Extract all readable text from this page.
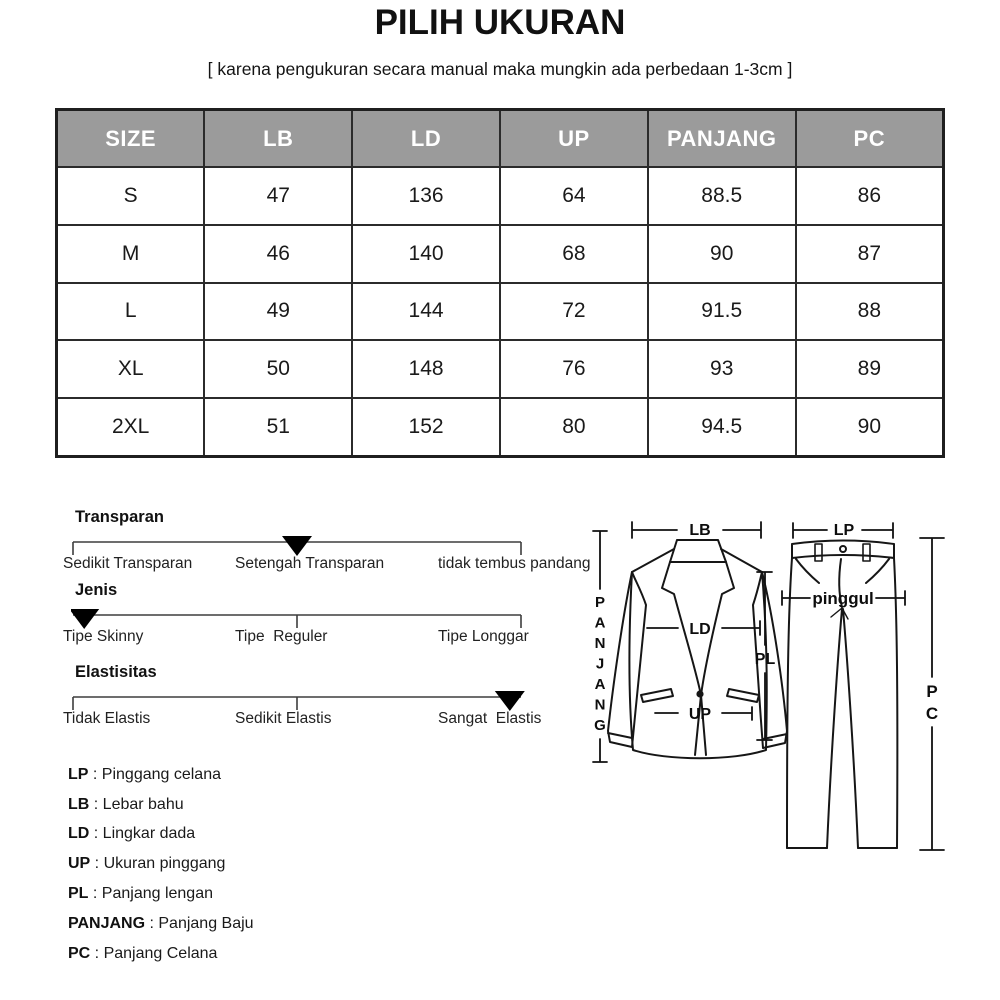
PILIH UKURAN
[ karena pengukuran secara manual maka mungkin ada perbedaan 1-3cm ]
SIZE	LB	LD	UP	PANJANG	PC
S	47	136	64	88.5	86
M	46	140	68	90	87
L	49	144	72	91.5	88
XL	50	148	76	93	89
2XL	51	152	80	94.5	90
Transparan
Sedikit Transparan	Setengah Transparan	tidak tembus pandang
Jenis
Tipe Skinny	Tipe  Reguler	Tipe Longgar
Elastisitas
Tidak Elastis	Sedikit Elastis	Sangat  Elastis
LP : Pinggang celana
LB : Lebar bahu
LD : Lingkar dada
UP : Ukuran pinggang
PL : Panjang lengan
PANJANG : Panjang Baju
PC : Panjang Celana
LB
P A N J A N G
LD
PL
UP
LP
pinggul
P C
